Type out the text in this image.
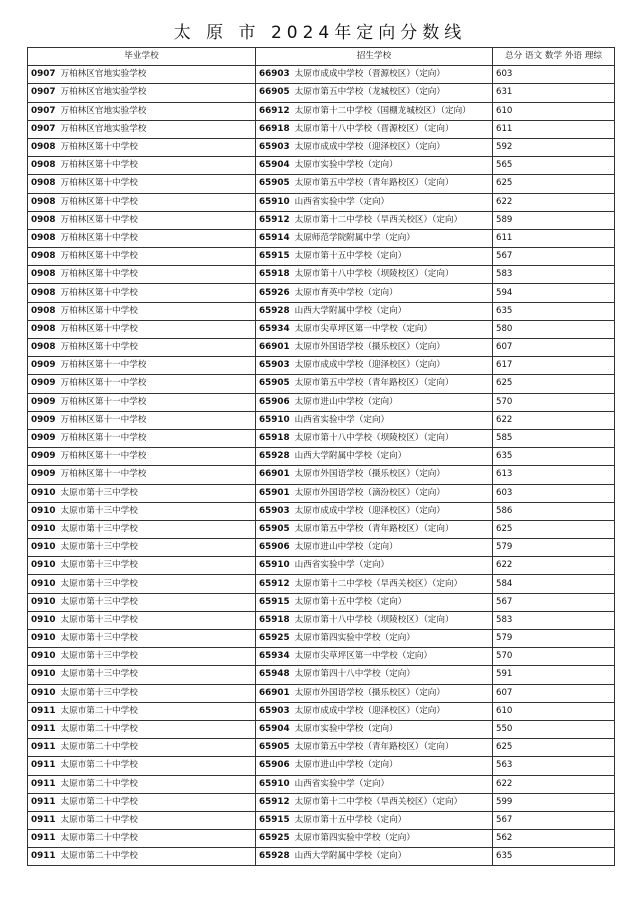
太 原 市 2024年定向分数线
毕业学校	招生学校	总分 语文 数学 外语 理综
0907 万柏林区官地实验学校	66903 太原市成成中学校（晋源校区）（定向）	603
0907 万柏林区官地实验学校	66905 太原市第五中学校（龙城校区）（定向）	631
0907 万柏林区官地实验学校	66912 太原市第十二中学校（国棚龙城校区）（定向）	610
0907 万柏林区官地实验学校	66918 太原市第十八中学校（晋源校区）（定向）	611
0908 万柏林区第十中学校	65903 太原市成成中学校（迎泽校区）（定向）	592
0908 万柏林区第十中学校	65904 太原市实验中学校（定向）	565
0908 万柏林区第十中学校	65905 太原市第五中学校（青年路校区）（定向）	625
0908 万柏林区第十中学校	65910 山西省实验中学（定向）	622
0908 万柏林区第十中学校	65912 太原市第十二中学校（旱西关校区）（定向）	589
0908 万柏林区第十中学校	65914 太原师范学院附属中学（定向）	611
0908 万柏林区第十中学校	65915 太原市第十五中学校（定向）	567
0908 万柏林区第十中学校	65918 太原市第十八中学校（坝陵校区）（定向）	583
0908 万柏林区第十中学校	65926 太原市育英中学校（定向）	594
0908 万柏林区第十中学校	65928 山西大学附属中学校（定向）	635
0908 万柏林区第十中学校	65934 太原市尖草坪区第一中学校（定向）	580
0908 万柏林区第十中学校	66901 太原市外国语学校（摄乐校区）（定向）	607
0909 万柏林区第十一中学校	65903 太原市成成中学校（迎泽校区）（定向）	617
0909 万柏林区第十一中学校	65905 太原市第五中学校（青年路校区）（定向）	625
0909 万柏林区第十一中学校	65906 太原市进山中学校（定向）	570
0909 万柏林区第十一中学校	65910 山西省实验中学（定向）	622
0909 万柏林区第十一中学校	65918 太原市第十八中学校（坝陵校区）（定向）	585
0909 万柏林区第十一中学校	65928 山西大学附属中学校（定向）	635
0909 万柏林区第十一中学校	66901 太原市外国语学校（摄乐校区）（定向）	613
0910 太原市第十三中学校	65901 太原市外国语学校（滴汾校区）（定向）	603
0910 太原市第十三中学校	65903 太原市成成中学校（迎泽校区）（定向）	586
0910 太原市第十三中学校	65905 太原市第五中学校（青年路校区）（定向）	625
0910 太原市第十三中学校	65906 太原市进山中学校（定向）	579
0910 太原市第十三中学校	65910 山西省实验中学（定向）	622
0910 太原市第十三中学校	65912 太原市第十二中学校（旱西关校区）（定向）	584
0910 太原市第十三中学校	65915 太原市第十五中学校（定向）	567
0910 太原市第十三中学校	65918 太原市第十八中学校（坝陵校区）（定向）	583
0910 太原市第十三中学校	65925 太原市第四实验中学校（定向）	579
0910 太原市第十三中学校	65934 太原市尖草坪区第一中学校（定向）	570
0910 太原市第十三中学校	65948 太原市第四十八中学校（定向）	591
0910 太原市第十三中学校	66901 太原市外国语学校（摄乐校区）（定向）	607
0911 太原市第二十中学校	65903 太原市成成中学校（迎泽校区）（定向）	610
0911 太原市第二十中学校	65904 太原市实验中学校（定向）	550
0911 太原市第二十中学校	65905 太原市第五中学校（青年路校区）（定向）	625
0911 太原市第二十中学校	65906 太原市进山中学校（定向）	563
0911 太原市第二十中学校	65910 山西省实验中学（定向）	622
0911 太原市第二十中学校	65912 太原市第十二中学校（旱西关校区）（定向）	599
0911 太原市第二十中学校	65915 太原市第十五中学校（定向）	567
0911 太原市第二十中学校	65925 太原市第四实验中学校（定向）	562
0911 太原市第二十中学校	65928 山西大学附属中学校（定向）	635
